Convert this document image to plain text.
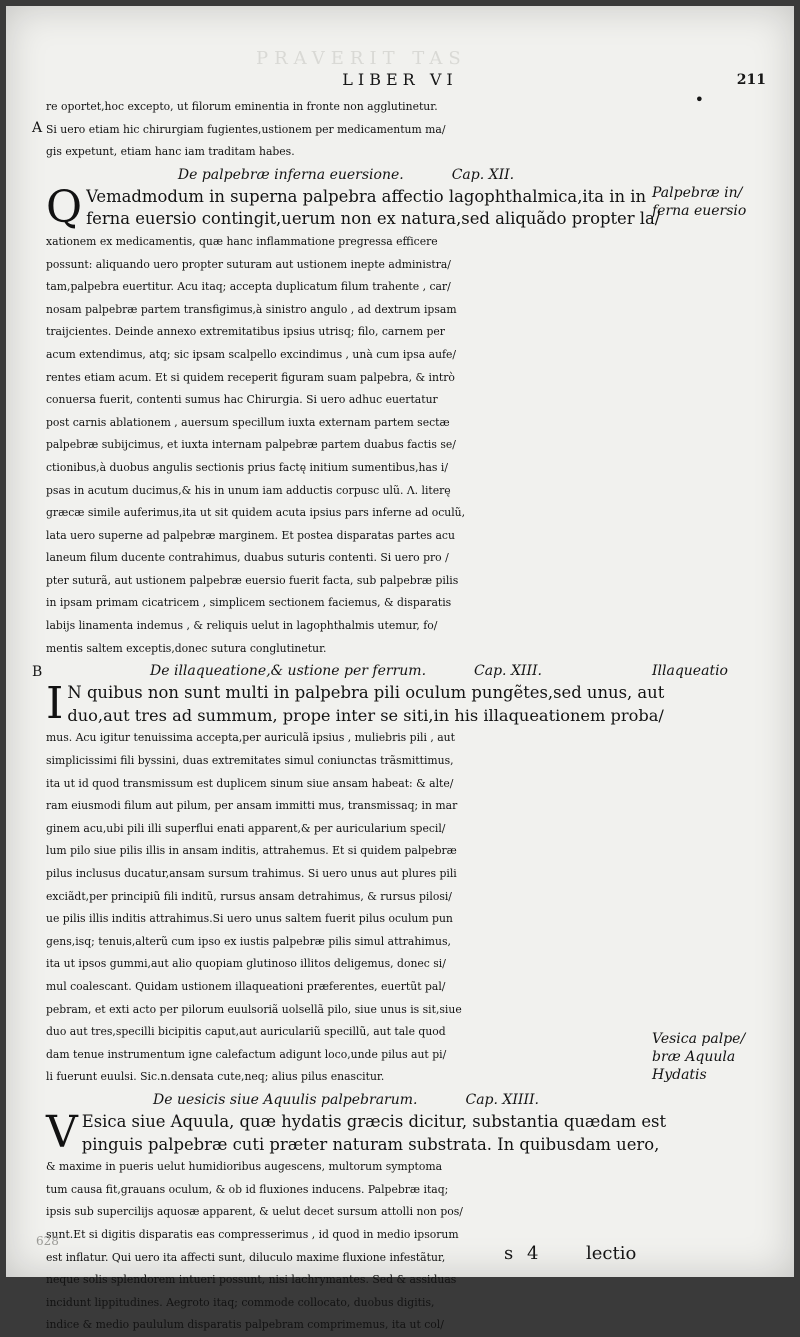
PRAVERIT TAS
LIBER VI	211
•
A
B
Palpebræ in/
ferna euersio
Illaqueatio
Vesica palpe/
bræ Aquula Hydatis

re oportet,hoc excepto, ut filorum eminentia in fronte non agglutinetur.

Si uero etiam hic chirurgiam fugientes,ustionem per medicamentum ma/

gis expetunt, etiam hanc iam traditam habes.

De palpebræ inferna euersione.	Cap. XII.

Q Vemadmodum in superna palpebra affectio lagophthalmica,ita in in

ferna euersio contingit,uerum non ex natura,sed aliquãdo propter la/

xationem ex medicamentis, quæ hanc inflammatione pregressa efficere

possunt: aliquando uero propter suturam aut ustionem inepte administra/

tam,palpebra euertitur. Acu itaq; accepta duplicatum filum trahente , car/

nosam palpebræ partem transfigimus,à sinistro angulo , ad dextrum ipsam

traijcientes. Deinde annexo extremitatibus ipsius utrisq; filo, carnem per

acum extendimus, atq; sic ipsam scalpello excindimus , unà cum ipsa aufe/

rentes etiam acum. Et si quidem receperit figuram suam palpebra, & intrò

conuersa fuerit, contenti sumus hac Chirurgia. Si uero adhuc euertatur

post carnis ablationem , auersum specillum iuxta externam partem sectæ

palpebræ subijcimus, et iuxta internam palpebræ partem duabus factis se/

ctionibus,à duobus angulis sectionis prius factę initium sumentibus,has i/

psas in acutum ducimus,& his in unum iam adductis corpusc ulũ. Λ. literę

græcæ simile auferimus,ita ut sit quidem acuta ipsius pars inferne ad oculũ,

lata uero superne ad palpebræ marginem. Et postea disparatas partes acu

laneum filum ducente contrahimus, duabus suturis contenti. Si uero pro /

pter suturã, aut ustionem palpebræ euersio fuerit facta, sub palpebræ pilis

in ipsam primam cicatricem , simplicem sectionem faciemus, & disparatis

labijs linamenta indemus , & reliquis uelut in lagophthalmis utemur, fo/

mentis saltem exceptis,donec sutura conglutinetur.

De illaqueatione,& ustione per ferrum.	Cap. XIII.

I N quibus non sunt multi in palpebra pili oculum pungẽtes,sed unus, aut

duo,aut tres ad summum, prope inter se siti,in his illaqueationem proba/

mus. Acu igitur tenuissima accepta,per auriculã ipsius , muliebris pili , aut

simplicissimi fili byssini, duas extremitates simul coniunctas trãsmittimus,

ita ut id quod transmissum est duplicem sinum siue ansam habeat: & alte/

ram eiusmodi filum aut pilum, per ansam immitti mus, transmissaq; in mar

ginem acu,ubi pili illi superflui enati apparent,& per auricularium specil/

lum pilo siue pilis illis in ansam inditis, attrahemus. Et si quidem palpebræ

pilus inclusus ducatur,ansam sursum trahimus. Si uero unus aut plures pili

exciãdt,per principiũ fili inditũ, rursus ansam detrahimus, & rursus pilosi/

ue pilis illis inditis attrahimus.Si uero unus saltem fuerit pilus oculum pun

gens,isq; tenuis,alterũ cum ipso ex iustis palpebræ pilis simul attrahimus,

ita ut ipsos gummi,aut alio quopiam glutinoso illitos deligemus, donec si/

mul coalescant. Quidam ustionem illaqueationi præferentes, euertũt pal/

pebram, et exti acto per pilorum euulsoriã uolsellã pilo, siue unus is sit,siue

duo aut tres,specilli bicipitis caput,aut auriculariũ specillũ, aut tale quod

dam tenue instrumentum igne calefactum adigunt loco,unde pilus aut pi/

li fuerunt euulsi. Sic.n.densata cute,neq; alius pilus enascitur.

De uesicis siue Aquulis palpebrarum.	Cap. XIIII.

V Esica siue Aquula, quæ hydatis græcis dicitur, substantia quædam est

pinguis palpebræ cuti præter naturam substrata. In quibusdam uero,

& maxime in pueris uelut humidioribus augescens, multorum symptoma

tum causa fit,grauans oculum, & ob id fluxiones inducens. Palpebræ itaq;

ipsis sub supercilijs aquosæ apparent, & uelut decet sursum attolli non pos/

sunt.Et si digitis disparatis eas compresserimus , id quod in medio ipsorum

est inflatur. Qui uero ita affecti sunt, diluculo maxime fluxione infestãtur,

neque solis splendorem intueri possunt, nisi lachrymantes. Sed & assiduas

incidunt lippitudines. Aegroto itaq; commode collocato, duobus digitis,

indice & medio paululum disparatis palpebram comprimemus, ita ut col/

628
s 4 lectio
